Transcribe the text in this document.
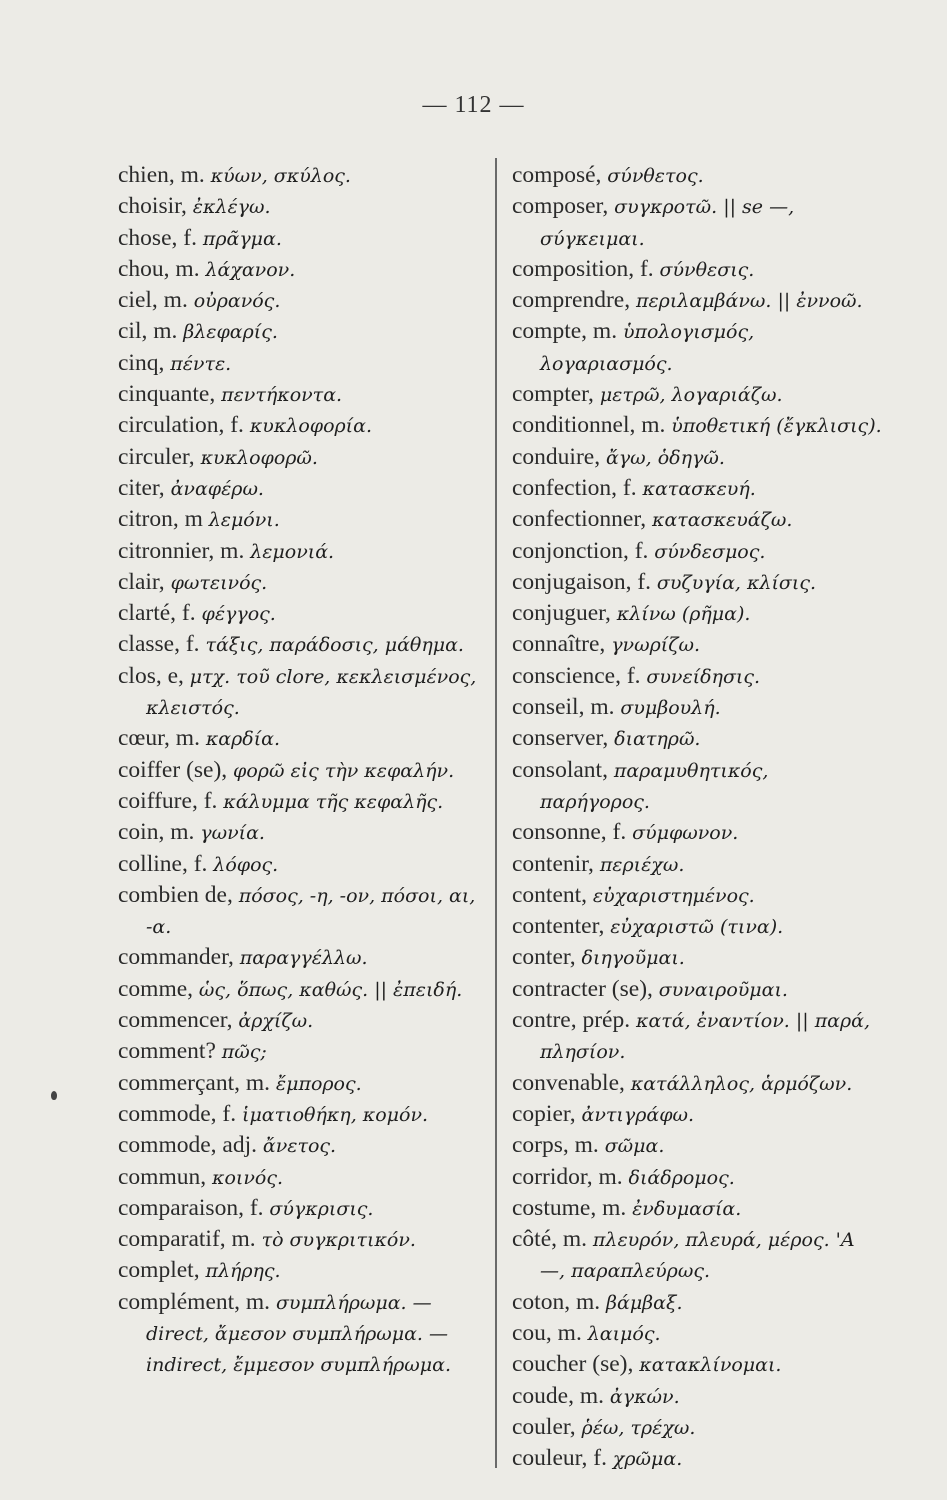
— 112 —

chien, m. κύων, σκύλος.

choisir, ἐκλέγω.

chose, f. πρᾶγμα.

chou, m. λάχανον.

ciel, m. οὐρανός.

cil, m. βλεφαρίς.

cinq, πέντε.

cinquante, πεντήκοντα.

circulation, f. κυκλοφορία.

circuler, κυκλοφορῶ.

citer, ἀναφέρω.

citron, m λεμόνι.

citronnier, m. λεμονιά.

clair, φωτεινός.

clarté, f. φέγγος.

classe, f. τάξις, παράδοσις, μάθημα.

clos, e, μτχ. τοῦ clore, κεκλεισμένος, κλειστός.

cœur, m. καρδία.

coiffer (se), φορῶ εἰς τὴν κεφαλήν.

coiffure, f. κάλυμμα τῆς κεφαλῆς.

coin, m. γωνία.

colline, f. λόφος.

combien de, πόσος, -η, -ον, πόσοι, αι, -α.

commander, παραγγέλλω.

comme, ὡς, ὅπως, καθώς. || ἐπειδή.

commencer, ἀρχίζω.

comment? πῶς;

commerçant, m. ἔμπορος.

commode, f. ἱματιοθήκη, κομόν.

commode, adj. ἄνετος.

commun, κοινός.

comparaison, f. σύγκρισις.

comparatif, m. τὸ συγκριτικόν.

complet, πλήρης.

complément, m. συμπλήρωμα. —direct, ἄμεσον συμπλήρωμα. —indirect, ἔμμεσον συμπλήρωμα.

composé, σύνθετος.

composer, συγκροτῶ. || se —, σύγκειμαι.

composition, f. σύνθεσις.

comprendre, περιλαμβάνω. || ἐννοῶ.

compte, m. ὑπολογισμός, λογαριασμός.

compter, μετρῶ, λογαριάζω.

conditionnel, m. ὑποθετική (ἔγκλισις).

conduire, ἄγω, ὁδηγῶ.

confection, f. κατασκευή.

confectionner, κατασκευάζω.

conjonction, f. σύνδεσμος.

conjugaison, f. συζυγία, κλίσις.

conjuguer, κλίνω (ρῆμα).

connaître, γνωρίζω.

conscience, f. συνείδησις.

conseil, m. συμβουλή.

conserver, διατηρῶ.

consolant, παραμυθητικός, παρήγορος.

consonne, f. σύμφωνον.

contenir, περιέχω.

content, εὐχαριστημένος.

contenter, εὐχαριστῶ (τινα).

conter, διηγοῦμαι.

contracter (se), συναιροῦμαι.

contre, prép. κατά, ἐναντίον. || παρά, πλησίον.

convenable, κατάλληλος, ἁρμόζων.

copier, ἀντιγράφω.

corps, m. σῶμα.

corridor, m. διάδρομος.

costume, m. ἐνδυμασία.

côté, m. πλευρόν, πλευρά, μέρος. 'A —, παραπλεύρως.

coton, m. βάμβαξ.

cou, m. λαιμός.

coucher (se), κατακλίνομαι.

coude, m. ἀγκών.

couler, ῥέω, τρέχω.

couleur, f. χρῶμα.
